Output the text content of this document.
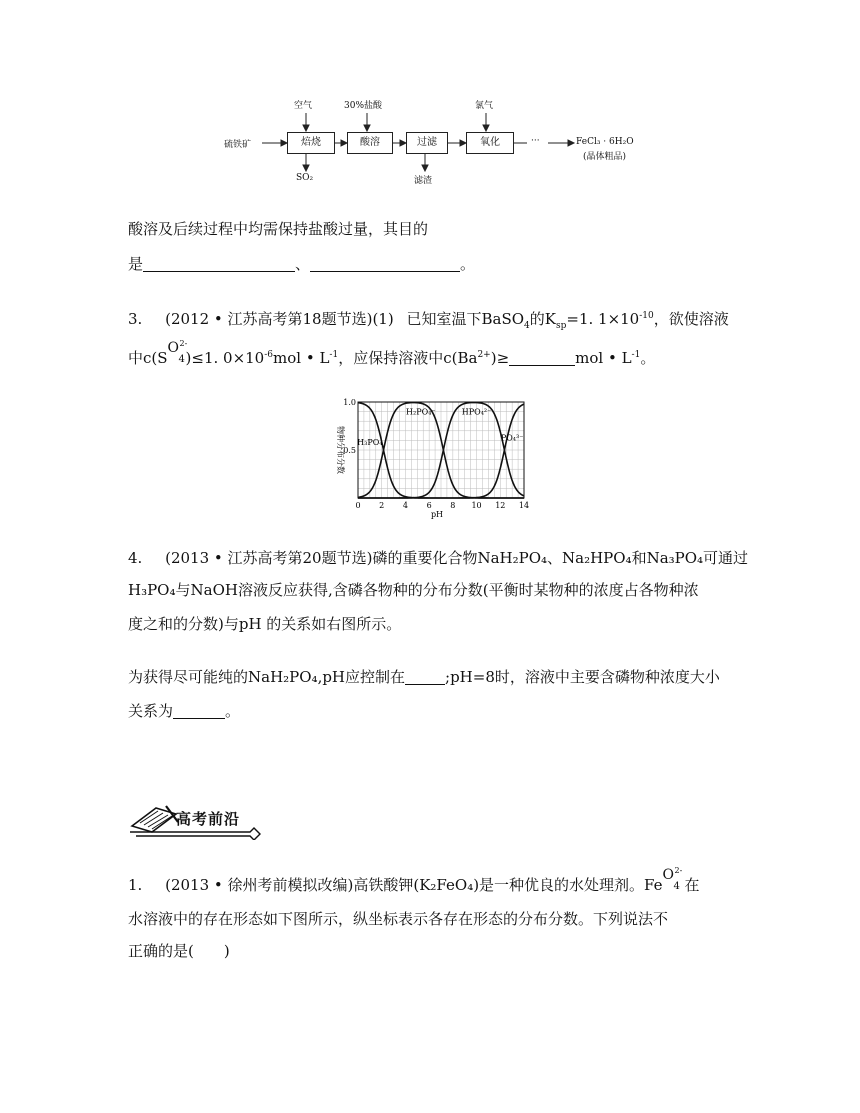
硫铁矿	焙烧	酸溶	过滤	氧化
空气	30%盐酸	氯气
SO₂	滤渣
···	FeCl₃ · 6H₂O
(晶体粗品)
酸溶及后续过程中均需保持盐酸过量，其目的
是	、	。
3. (2012 • 江苏高考第18题节选)(1) 已知室温下BaSO$_4$的$K_{sp}=1$. $1\times 10^{-10}$，欲使溶液
中c(S
O
4
2-
)≤1. $0\times 10^{-6}mol$ • $L^{-1}$，应保持溶液中$c(Ba^{2+})\ge$	mol • $L^{-1}$。
H₃PO₄
H₂PO₄⁻	HPO₄²⁻
PO₄³⁻
0 2 4 6 8 10 12 14
0.5
1.0
pH
物种分布分数
4. (2013 • 江苏高考第20题节选)磷的重要化合物NaH₂PO₄、Na₂HPO₄和Na₃PO₄可通过
H₃PO₄与NaOH溶液反应获得,含磷各物种的分布分数(平衡时某物种的浓度占各物种浓
度之和的分数)与pH 的关系如右图所示。
为获得尽可能纯的NaH₂PO₄,pH应控制在	;pH=8时，溶液中主要含磷物种浓度大小
关系为	。
高考前沿
1. (2013 • 徐州考前模拟改编)高铁酸钾(K₂FeO₄)是一种优良的水处理剂。Fe
O
4
2-
在
水溶液中的存在形态如下图所示，纵坐标表示各存在形态的分布分数。下列说法不
正确的是(　　)
